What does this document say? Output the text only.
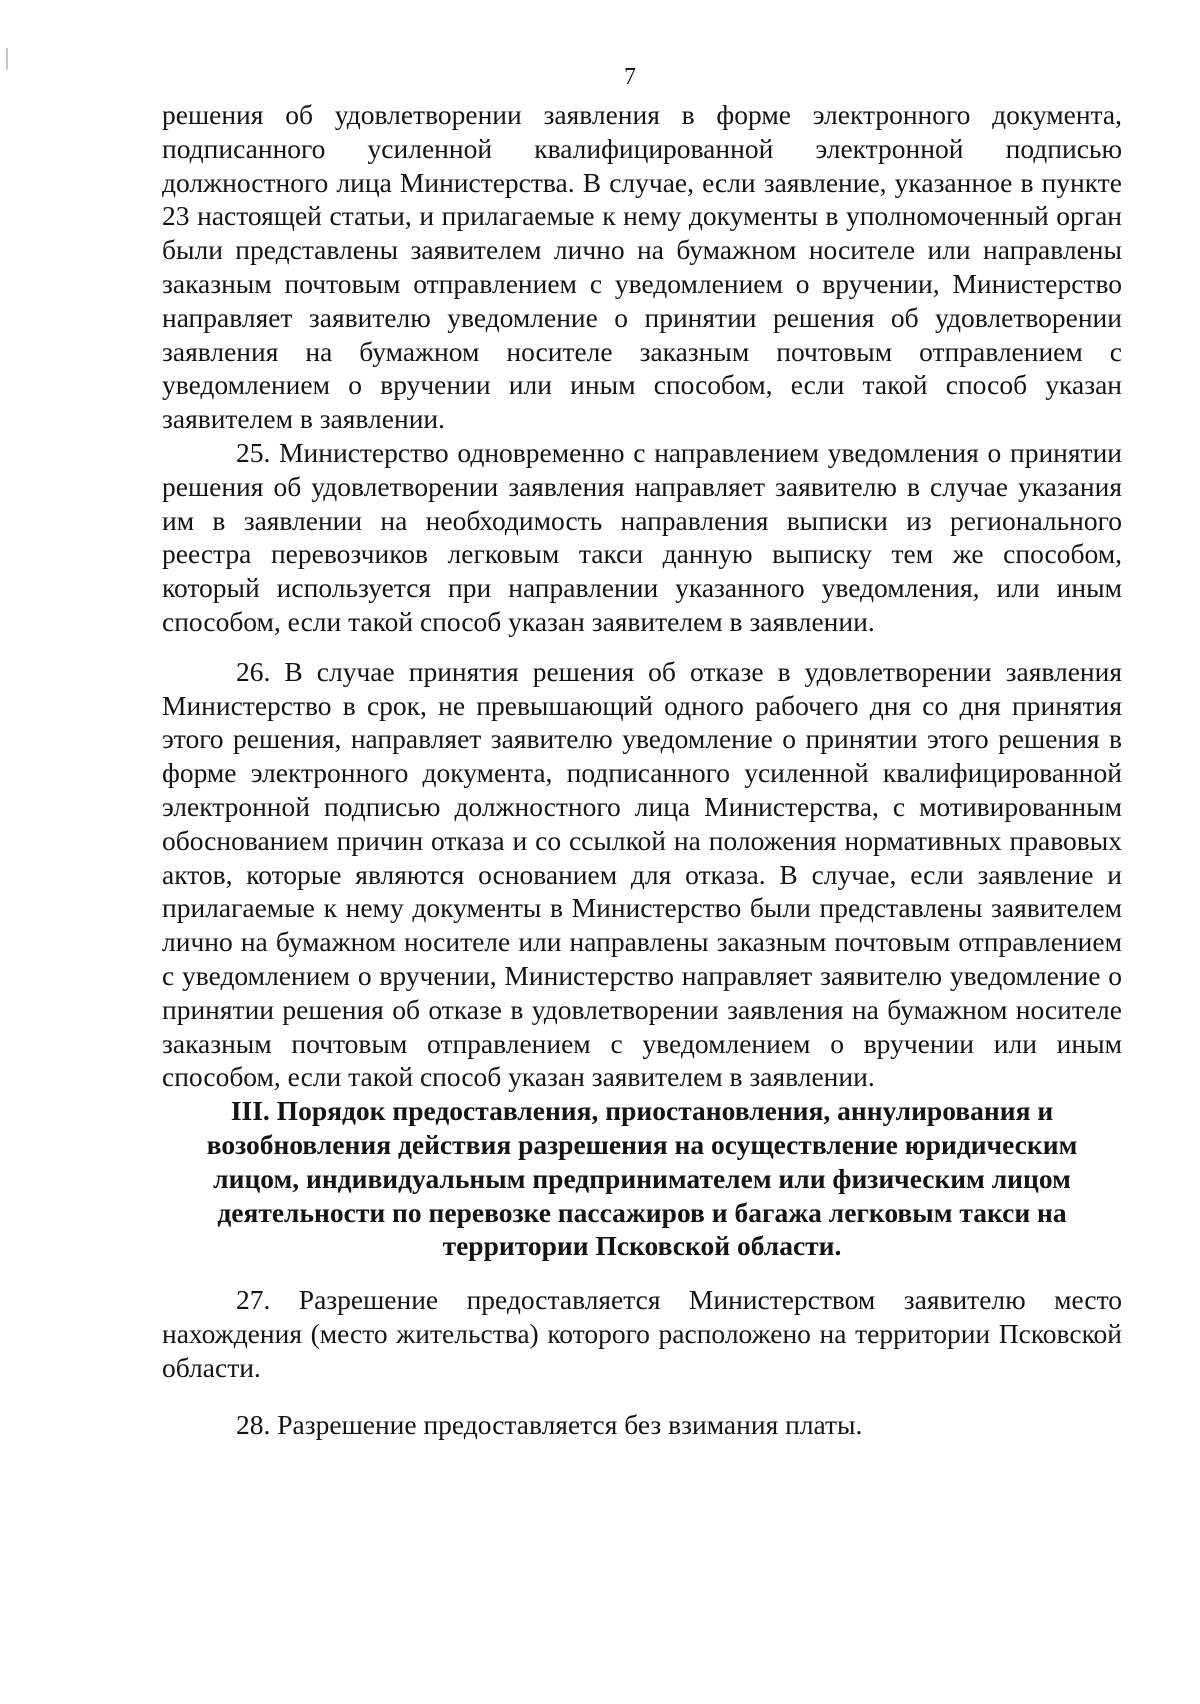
7

решения об удовлетворении заявления в форме электронного документа, подписанного усиленной квалифицированной электронной подписью должностного лица Министерства. В случае, если заявление, указанное в пункте 23 настоящей статьи, и прилагаемые к нему документы в уполномоченный орган были представлены заявителем лично на бумажном носителе или направлены заказным почтовым отправлением с уведомлением о вручении, Министерство направляет заявителю уведомление о принятии решения об удовлетворении заявления на бумажном носителе заказным почтовым отправлением с уведомлением о вручении или иным способом, если такой способ указан заявителем в заявлении.

25. Министерство одновременно с направлением уведомления о принятии решения об удовлетворении заявления направляет заявителю в случае указания им в заявлении на необходимость направления выписки из регионального реестра перевозчиков легковым такси данную выписку тем же способом, который используется при направлении указанного уведомления, или иным способом, если такой способ указан заявителем в заявлении.

26. В случае принятия решения об отказе в удовлетворении заявления Министерство в срок, не превышающий одного рабочего дня со дня принятия этого решения, направляет заявителю уведомление о принятии этого решения в форме электронного документа, подписанного усиленной квалифицированной электронной подписью должностного лица Министерства, с мотивированным обоснованием причин отказа и со ссылкой на положения нормативных правовых актов, которые являются основанием для отказа. В случае, если заявление и прилагаемые к нему документы в Министерство были представлены заявителем лично на бумажном носителе или направлены заказным почтовым отправлением с уведомлением о вручении, Министерство направляет заявителю уведомление о принятии решения об отказе в удовлетворении заявления на бумажном носителе заказным почтовым отправлением с уведомлением о вручении или иным способом, если такой способ указан заявителем в заявлении.

III. Порядок предоставления, приостановления, аннулирования и
возобновления действия разрешения на осуществление юридическим
лицом, индивидуальным предпринимателем или физическим лицом
деятельности по перевозке пассажиров и багажа легковым такси на
территории Псковской области.

27. Разрешение предоставляется Министерством заявителю место нахождения (место жительства) которого расположено на территории Псковской области.

28. Разрешение предоставляется без взимания платы.
